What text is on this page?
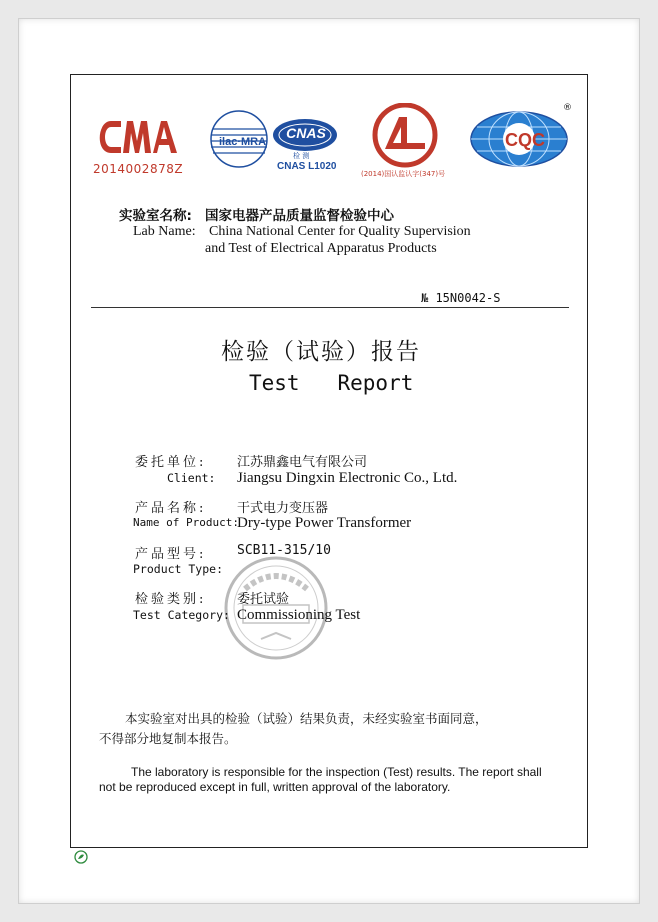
2014002878Z
ilac·MRA
CNAS
检 测
CNAS L1020
(2014)国认监认字(347)号
CQC
®
实验室名称: 国家电器产品质量监督检验中心
Lab Name: China National Center for Quality Supervision
and Test of Electrical Apparatus Products
№ 15N0042-S
检验（试验）报告
Test   Report
委托单位: 江苏鼎鑫电气有限公司
Client: Jiangsu Dingxin Electronic Co., Ltd.
产品名称: 干式电力变压器
Name of Product:
Dry-type Power Transformer
产品型号: SCB11-315/10
Product Type:
检验类别: 委托试验
Test Category: Commissioning Test
本实验室对出具的检验（试验）结果负责，未经实验室书面同意，
不得部分地复制本报告。
The laboratory is responsible for the inspection (Test) results. The report shall
not be reproduced except in full, written approval of the laboratory.
